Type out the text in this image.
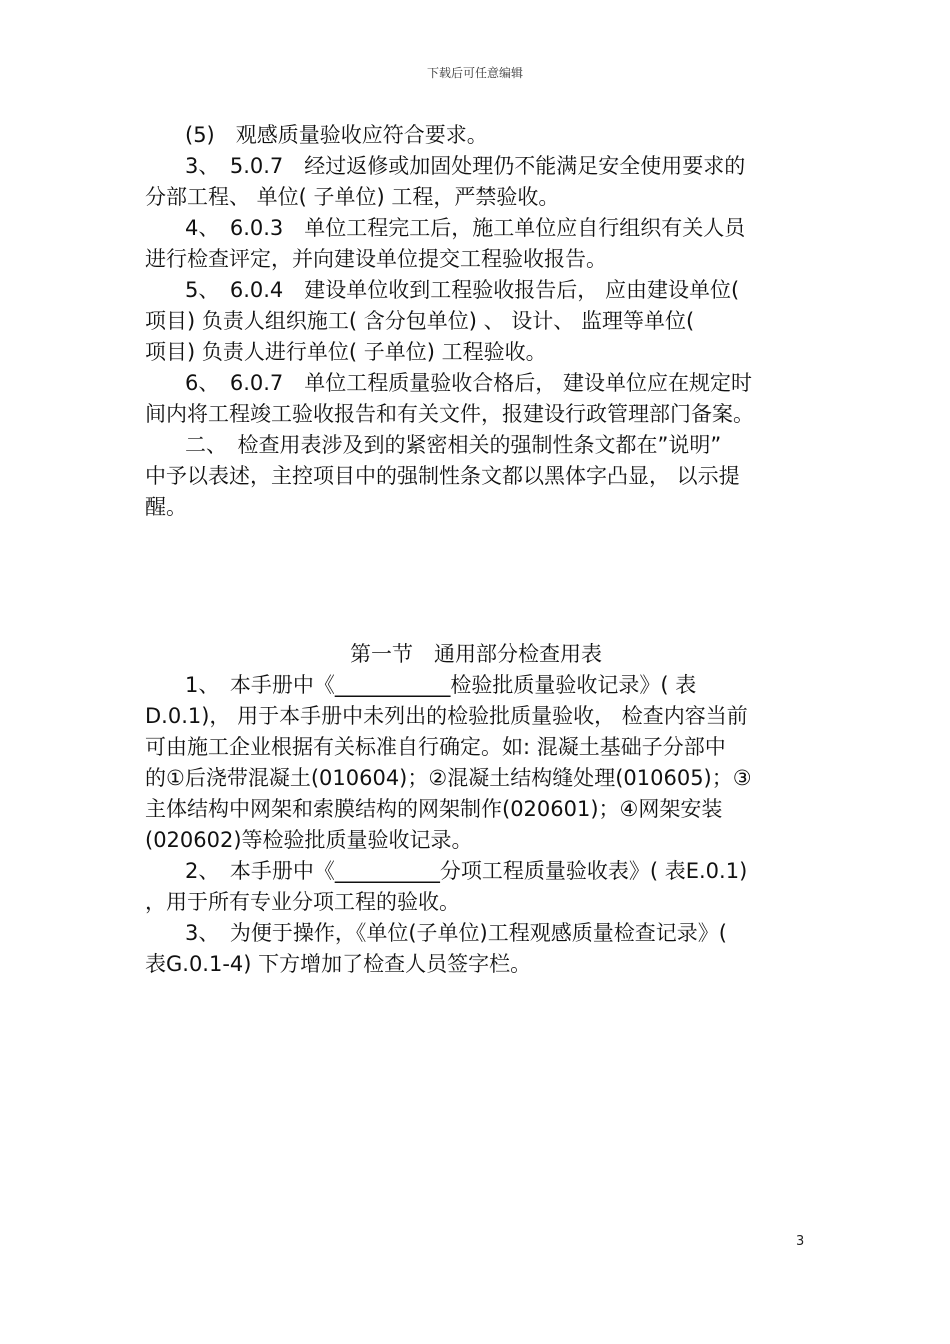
下载后可任意编辑

(5)　观感质量验收应符合要求。

3、　5.0.7　经过返修或加固处理仍不能满足安全使用要求的
分部工程、 单位( 子单位) 工程，严禁验收。

4、　6.0.3　单位工程完工后，施工单位应自行组织有关人员
进行检查评定，并向建设单位提交工程验收报告。

5、　6.0.4　建设单位收到工程验收报告后， 应由建设单位(
项目) 负责人组织施工( 含分包单位) 、 设计、 监理等单位(
项目) 负责人进行单位( 子单位) 工程验收。

6、　6.0.7　单位工程质量验收合格后， 建设单位应在规定时
间内将工程竣工验收报告和有关文件，报建设行政管理部门备案。

二、　检查用表涉及到的紧密相关的强制性条文都在”说明”
中予以表述，主控项目中的强制性条文都以黑体字凸显， 以示提
醒。

第一节　通用部分检查用表

1、　本手册中《___________检验批质量验收记录》( 表
D.0.1)， 用于本手册中未列出的检验批质量验收， 检查内容当前
可由施工企业根据有关标准自行确定。如: 混凝土基础子分部中
的①后浇带混凝土(010604)；②混凝土结构缝处理(010605)；③
主体结构中网架和索膜结构的网架制作(020601)；④网架安装
(020602)等检验批质量验收记录。

2、　本手册中《__________分项工程质量验收表》( 表E.0.1)
，用于所有专业分项工程的验收。

3、　为便于操作，《单位(子单位)工程观感质量检查记录》(
表G.0.1-4) 下方增加了检查人员签字栏。

3
